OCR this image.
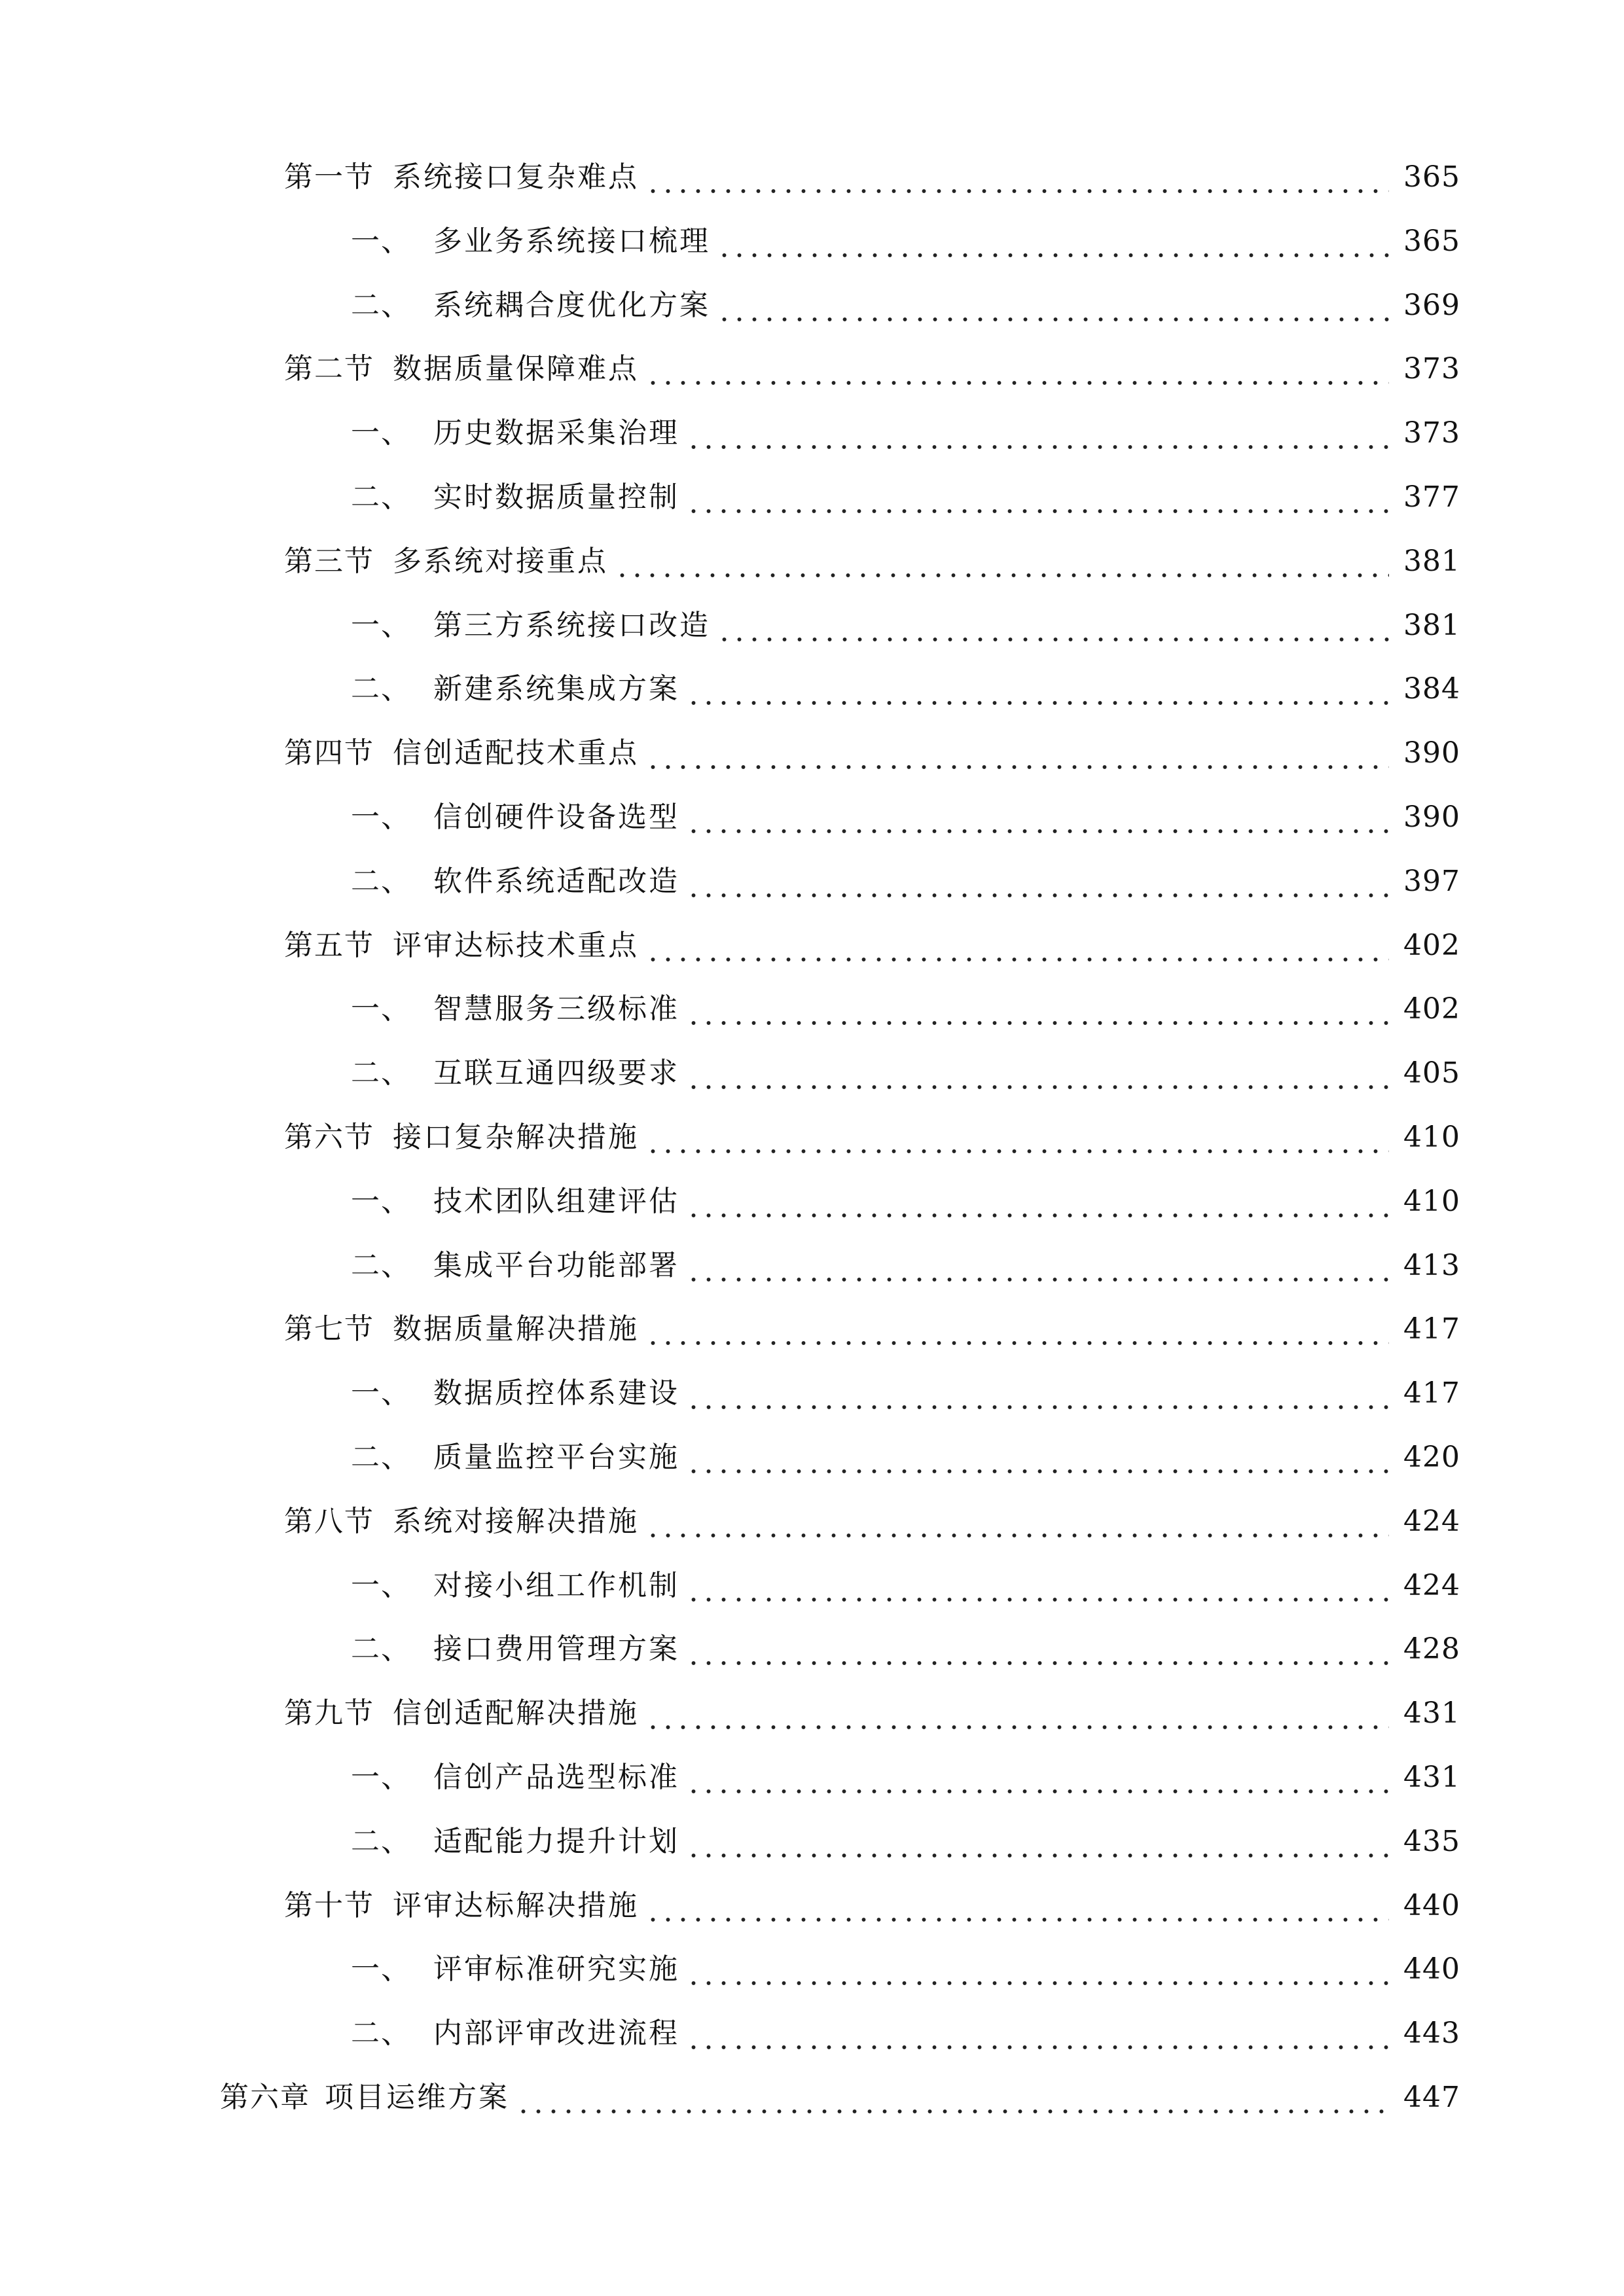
第一节 系统接口复杂难点	365
一、 多业务系统接口梳理	365
二、 系统耦合度优化方案	369
第二节 数据质量保障难点	373
一、 历史数据采集治理	373
二、 实时数据质量控制	377
第三节 多系统对接重点	381
一、 第三方系统接口改造	381
二、 新建系统集成方案	384
第四节 信创适配技术重点	390
一、 信创硬件设备选型	390
二、 软件系统适配改造	397
第五节 评审达标技术重点	402
一、 智慧服务三级标准	402
二、 互联互通四级要求	405
第六节 接口复杂解决措施	410
一、 技术团队组建评估	410
二、 集成平台功能部署	413
第七节 数据质量解决措施	417
一、 数据质控体系建设	417
二、 质量监控平台实施	420
第八节 系统对接解决措施	424
一、 对接小组工作机制	424
二、 接口费用管理方案	428
第九节 信创适配解决措施	431
一、 信创产品选型标准	431
二、 适配能力提升计划	435
第十节 评审达标解决措施	440
一、 评审标准研究实施	440
二、 内部评审改进流程	443
第六章 项目运维方案	447
